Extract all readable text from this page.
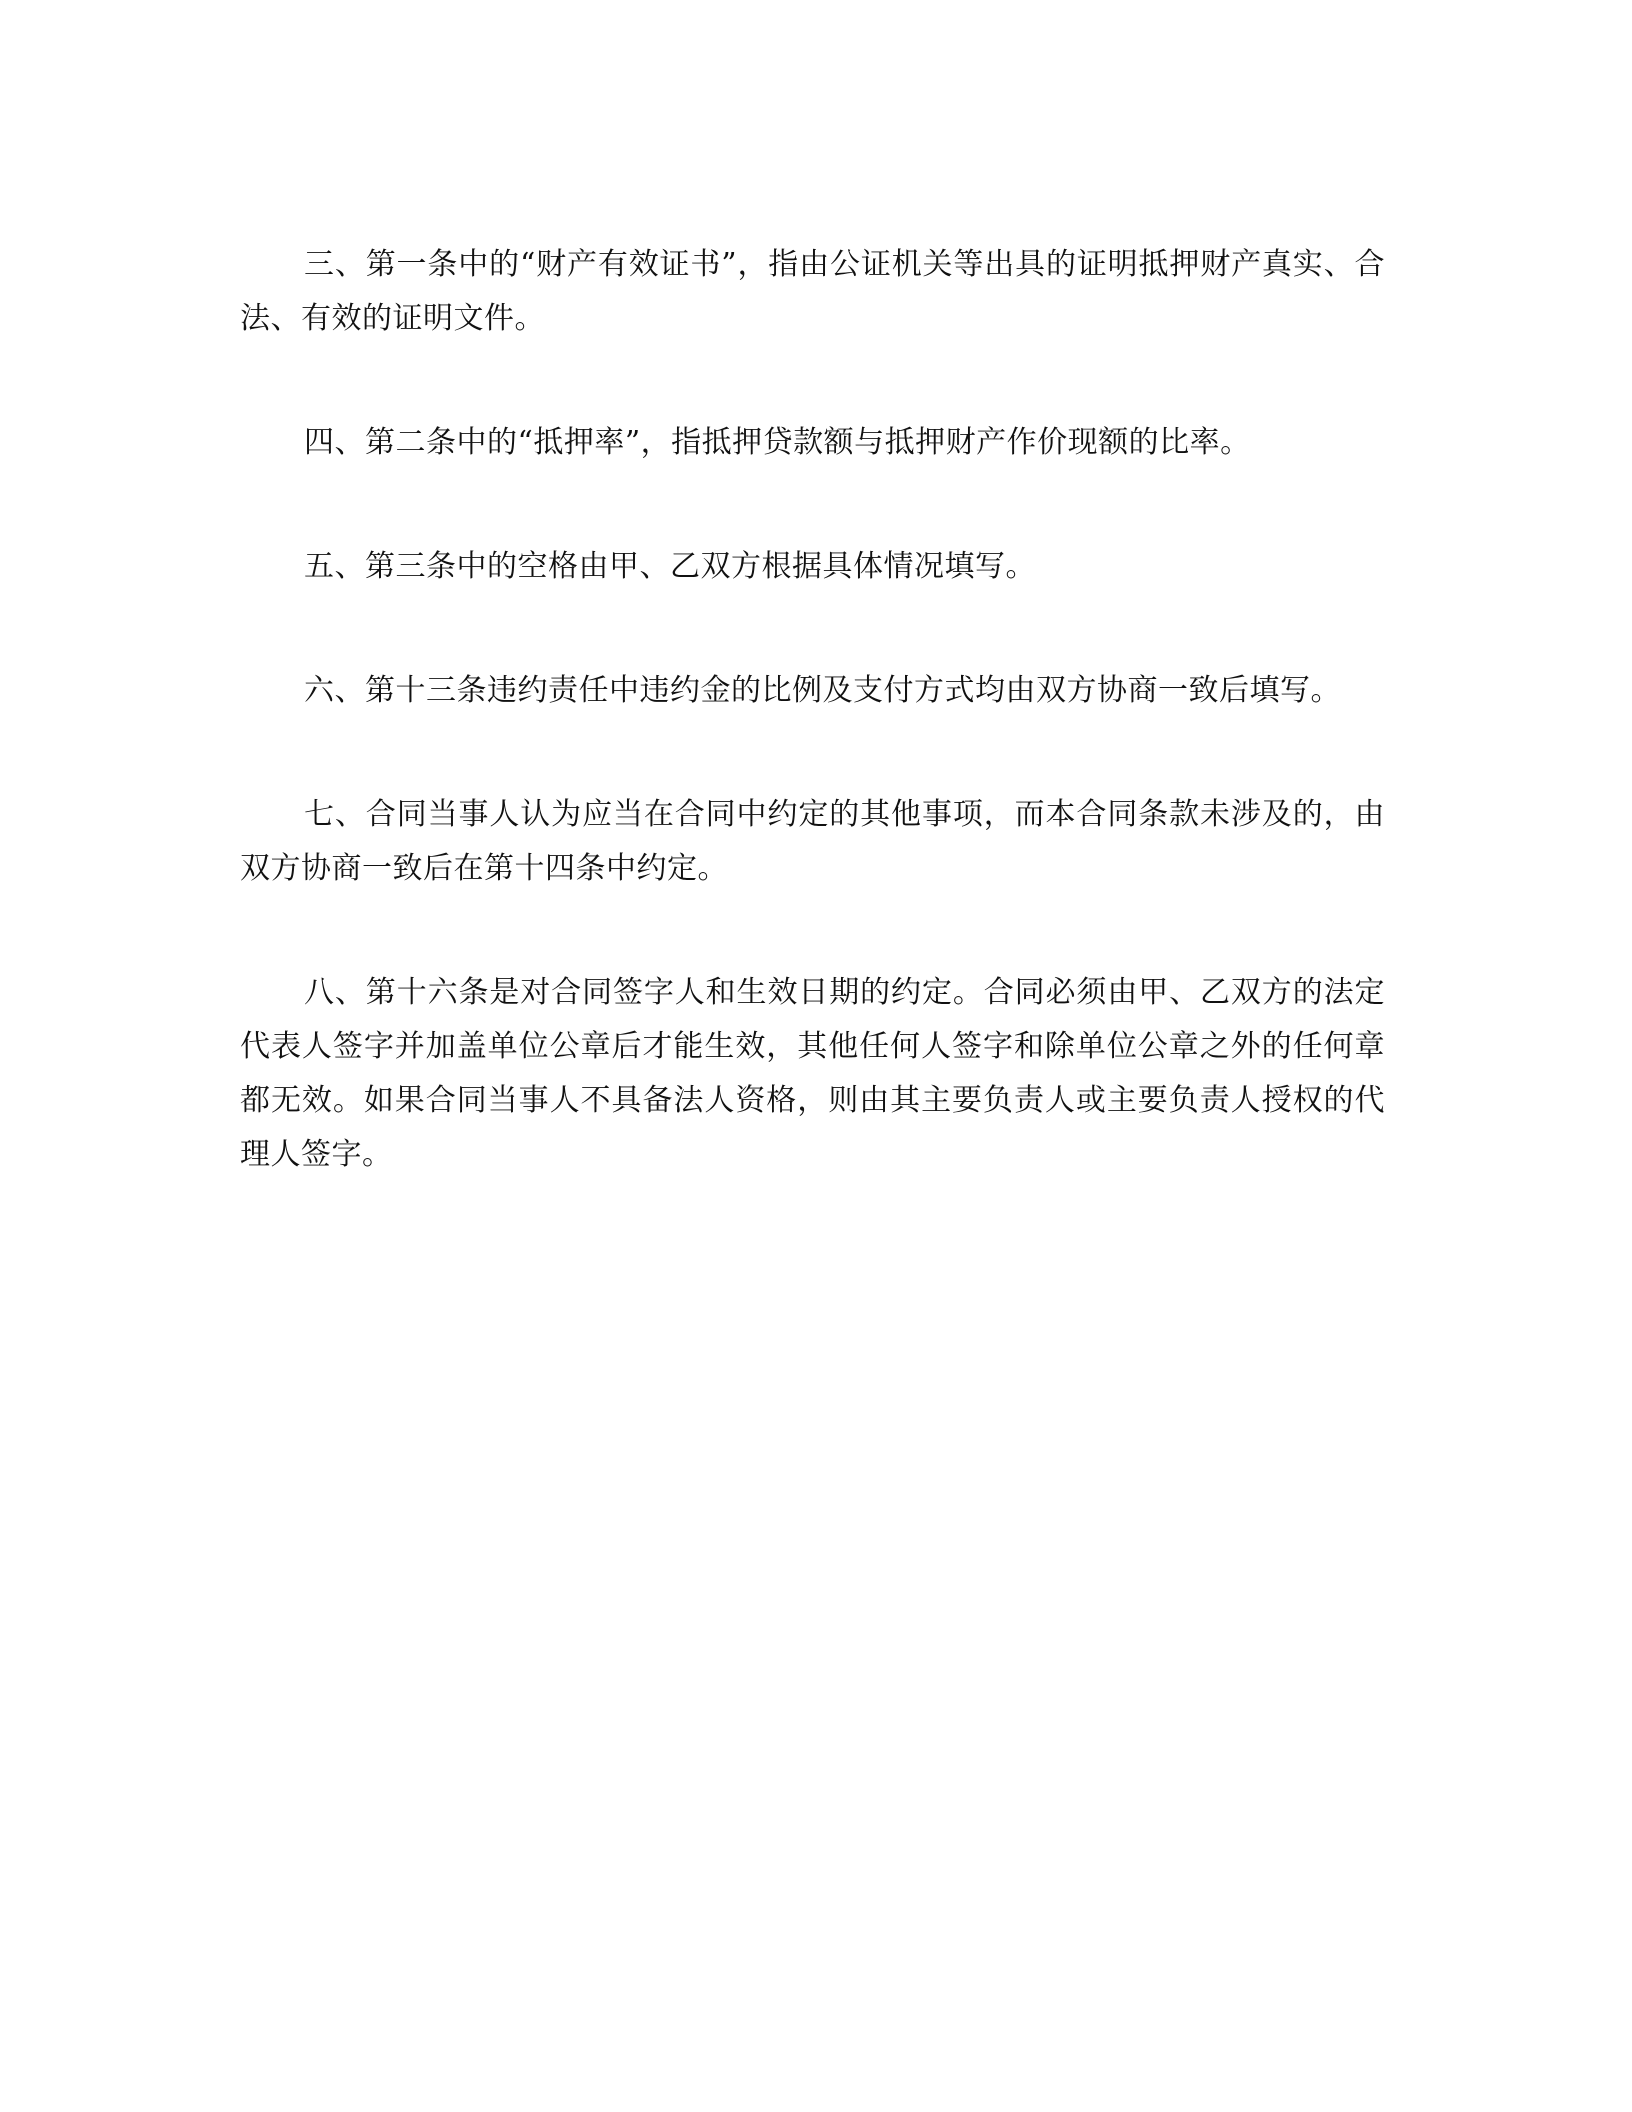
三、第一条中的“财产有效证书”，指由公证机关等出具的证明抵押财产真实、合法、有效的证明文件。

四、第二条中的“抵押率”，指抵押贷款额与抵押财产作价现额的比率。

五、第三条中的空格由甲、乙双方根据具体情况填写。

六、第十三条违约责任中违约金的比例及支付方式均由双方协商一致后填写。

七、合同当事人认为应当在合同中约定的其他事项，而本合同条款未涉及的，由双方协商一致后在第十四条中约定。

八、第十六条是对合同签字人和生效日期的约定。合同必须由甲、乙双方的法定代表人签字并加盖单位公章后才能生效，其他任何人签字和除单位公章之外的任何章都无效。如果合同当事人不具备法人资格，则由其主要负责人或主要负责人授权的代理人签字。
